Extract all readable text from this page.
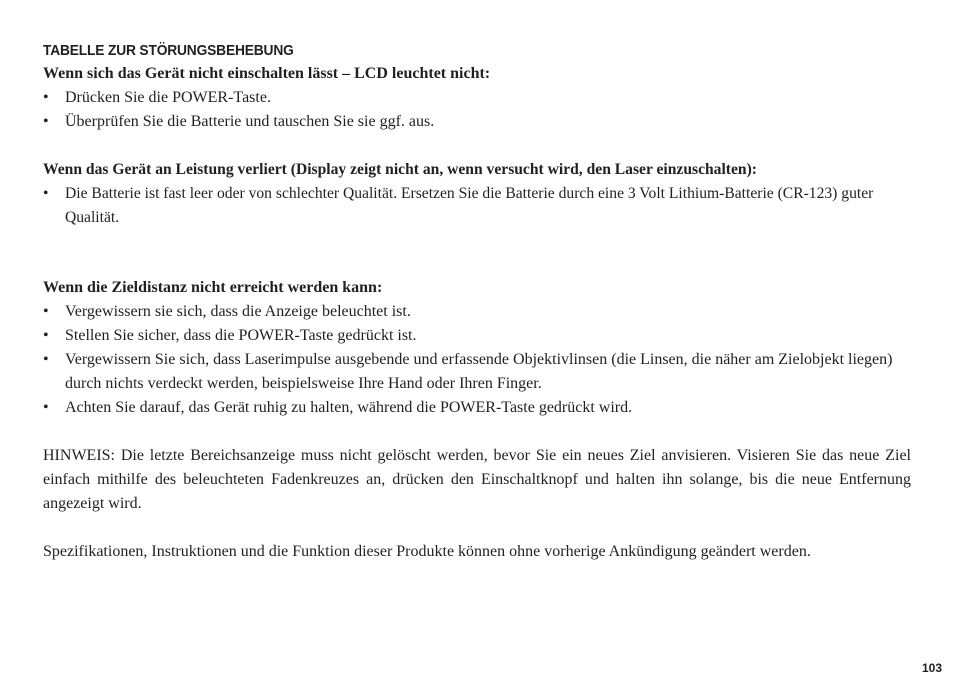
TABELLE ZUR STÖRUNGSBEHEBUNG

Wenn sich das Gerät nicht einschalten lässt – LCD leuchtet nicht:

• Drücken Sie die POWER-Taste.
• Überprüfen Sie die Batterie und tauschen Sie sie ggf. aus.

Wenn das Gerät an Leistung verliert (Display zeigt nicht an, wenn versucht wird, den Laser einzuschalten):

• Die Batterie ist fast leer oder von schlechter Qualität. Ersetzen Sie die Batterie durch eine 3 Volt Lithium-Batterie (CR-123) guter Qualität.

Wenn die Zieldistanz nicht erreicht werden kann:

• Vergewissern sie sich, dass die Anzeige beleuchtet ist.
• Stellen Sie sicher, dass die POWER-Taste gedrückt ist.
• Vergewissern Sie sich, dass Laserimpulse ausgebende und erfassende Objektivlinsen (die Linsen, die näher am Zielobjekt liegen) durch nichts verdeckt werden, beispielsweise Ihre Hand oder Ihren Finger.
• Achten Sie darauf, das Gerät ruhig zu halten, während die POWER-Taste gedrückt wird.

HINWEIS: Die letzte Bereichsanzeige muss nicht gelöscht werden, bevor Sie ein neues Ziel anvisieren. Visieren Sie das neue Ziel einfach mithilfe des beleuchteten Fadenkreuzes an, drücken den Einschaltknopf und halten ihn solange, bis die neue Entfernung angezeigt wird.

Spezifikationen, Instruktionen und die Funktion dieser Produkte können ohne vorherige Ankündigung geändert werden.

103
